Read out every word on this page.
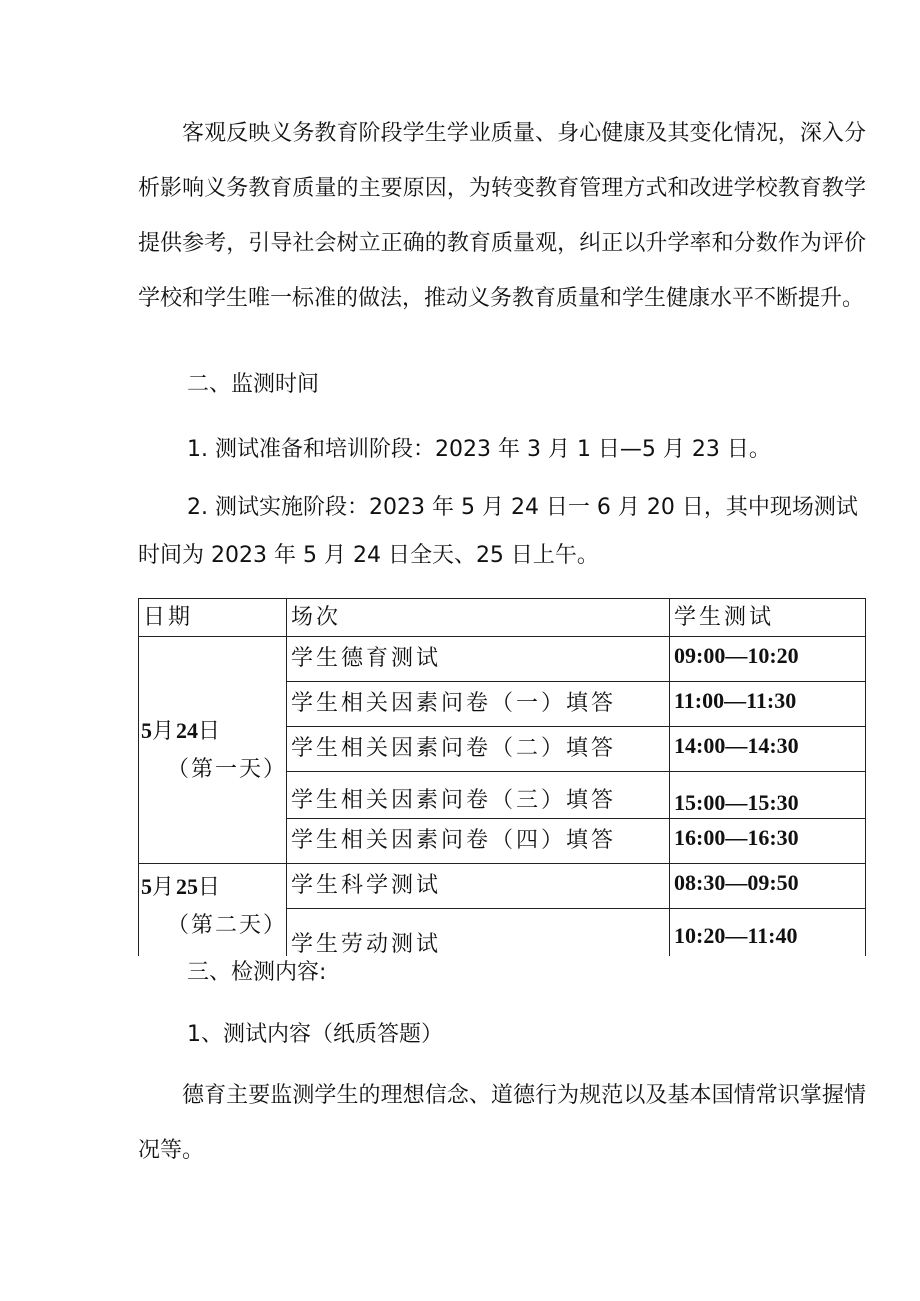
客观反映义务教育阶段学生学业质量、身心健康及其变化情况，深入分析影响义务教育质量的主要原因，为转变教育管理方式和改进学校教育教学提供参考，引导社会树立正确的教育质量观，纠正以升学率和分数作为评价学校和学生唯一标准的做法，推动义务教育质量和学生健康水平不断提升。

二、监测时间

1. 测试准备和培训阶段：2023 年 3 月 1 日—5 月 23 日。

2. 测试实施阶段：2023 年 5 月 24 日一 6 月 20 日，其中现场测试

时间为 2023 年 5 月 24 日全天、25 日上午。

日期	场次	学生测试

5月24日
（第一天）	学生德育测试	09:00—10:20
	学生相关因素问卷（一）填答	11:00—11:30
	学生相关因素问卷（二）填答	14:00—14:30
	学生相关因素问卷（三）填答	15:00—15:30
	学生相关因素问卷（四）填答	16:00—16:30

5月25日
（第二天）	学生科学测试	08:30—09:50
	学生劳动测试	10:20—11:40

三、检测内容:

1、测试内容（纸质答题）

德育主要监测学生的理想信念、道德行为规范以及基本国情常识掌握情况等。
